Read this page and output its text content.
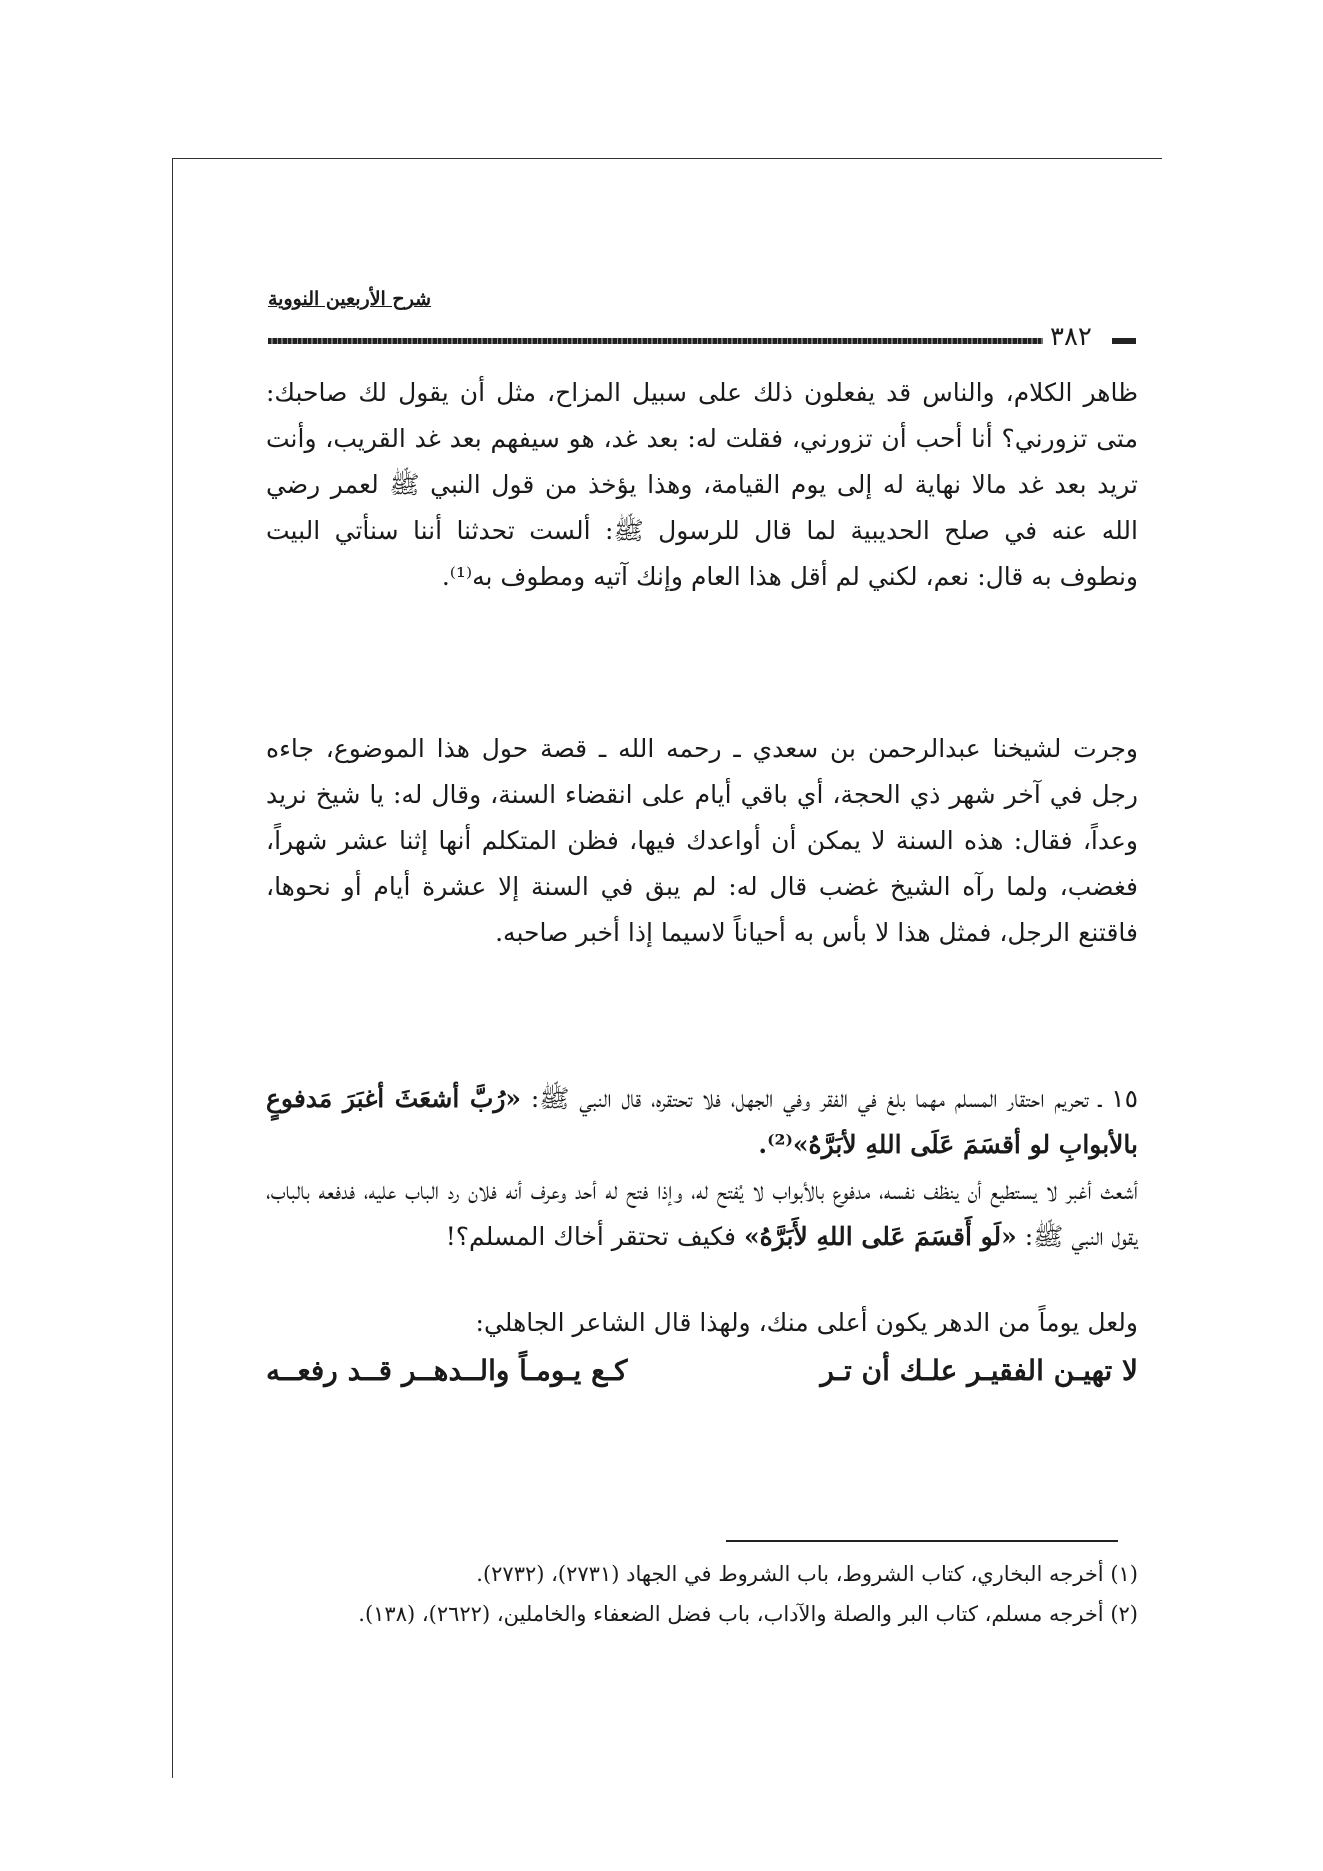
شرح الأربعين النووية
٣٨٢

ظاهر الكلام، والناس قد يفعلون ذلك على سبيل المزاح، مثل أن يقول لك صاحبك: متى تزورني؟ أنا أحب أن تزورني، فقلت له: بعد غد، هو سيفهم بعد غد القريب، وأنت تريد بعد غد مالا نهاية له إلى يوم القيامة، وهذا يؤخذ من قول النبي ﷺ لعمر رضي الله عنه في صلح الحديبية لما قال للرسول ﷺ: ألست تحدثنا أننا سنأتي البيت ونطوف به قال: نعم، لكني لم أقل هذا العام وإنك آتيه ومطوف به⁽¹⁾.

وجرت لشيخنا عبدالرحمن بن سعدي ـ رحمه الله ـ قصة حول هذا الموضوع، جاءه رجل في آخر شهر ذي الحجة، أي باقي أيام على انقضاء السنة، وقال له: يا شيخ نريد وعداً، فقال: هذه السنة لا يمكن أن أواعدك فيها، فظن المتكلم أنها إثنا عشر شهراً، فغضب، ولما رآه الشيخ غضب قال له: لم يبق في السنة إلا عشرة أيام أو نحوها، فاقتنع الرجل، فمثل هذا لا بأس به أحياناً لاسيما إذا أخبر صاحبه.

١٥ ـ تحريم احتقار المسلم مهما بلغ في الفقر وفي الجهل، فلا تحتقره، قال النبي ﷺ: «رُبَّ أشعَثَ أغبَرَ مَدفوعٍ بالأبوابِ لو أقسَمَ عَلَى اللهِ لأبَرَّهُ»⁽²⁾.

أشعث أغبر لا يستطيع أن ينظف نفسه، مدفوع بالأبواب لا يُفتح له، وإذا فتح له أحد وعرف أنه فلان رد الباب عليه، فدفعه بالباب، يقول النبي ﷺ: «لَو أَقسَمَ عَلى اللهِ لأَبَرَّهُ» فكيف تحتقر أخاك المسلم؟!

ولعل يوماً من الدهر يكون أعلى منك، ولهذا قال الشاعر الجاهلي:

لا تهيـن الفقيـر علـك أن تـر
كـع يـومـاً والــدهــر قــد رفعــه

(١) أخرجه البخاري، كتاب الشروط، باب الشروط في الجهاد (٢٧٣١)، (٢٧٣٢).

(٢) أخرجه مسلم، كتاب البر والصلة والآداب، باب فضل الضعفاء والخاملين، (٢٦٢٢)، (١٣٨).
